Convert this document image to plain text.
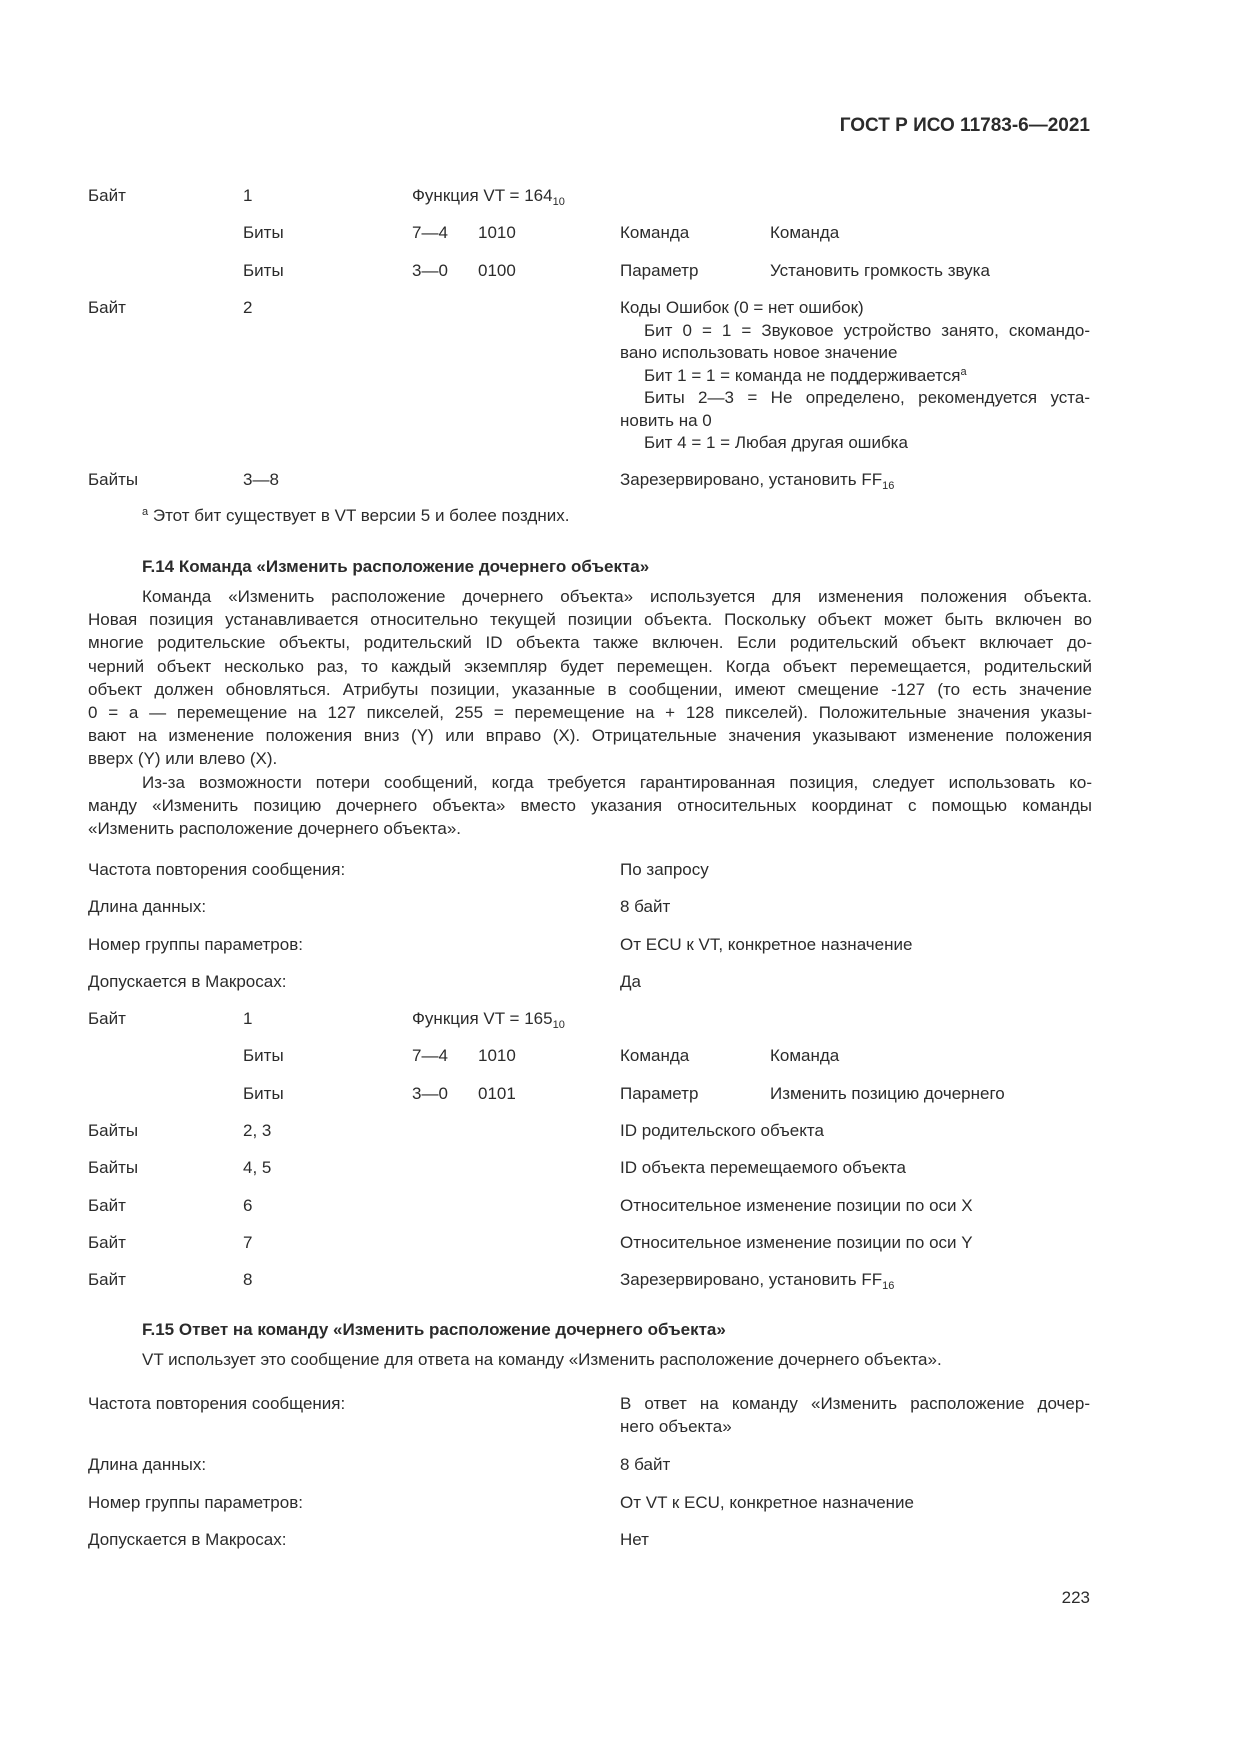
ГОСТ Р ИСО 11783-6—2021
Байт	1	Функция VT = $164_{10}$
Биты	7—4 1010	Команда	Команда
Биты	3—0 0100	Параметр	Установить громкость звука
Байт	2	Коды Ошибок (0 = нет ошибок)
Бит 0 = 1 = Звуковое устройство занято, скомандо-
вано использовать новое значение
Бит 1 = 1 = команда не поддерживается$^a$
Биты 2—3 = Не определено, рекомендуется уста-
новить на 0
Бит 4 = 1 = Любая другая ошибка
Байты	3—8	Зарезервировано, установить $FF_{16}$
$^a$ Этот бит существует в VT версии 5 и более поздних.
F.14 Команда «Изменить расположение дочернего объекта»
Команда «Изменить расположение дочернего объекта» используется для изменения положения объекта.
Новая позиция устанавливается относительно текущей позиции объекта. Поскольку объект может быть включен во
многие родительские объекты, родительский ID объекта также включен. Если родительский объект включает до-
черний объект несколько раз, то каждый экземпляр будет перемещен. Когда объект перемещается, родительский
объект должен обновляться. Атрибуты позиции, указанные в сообщении, имеют смещение -127 (то есть значение
0 = а — перемещение на 127 пикселей, 255 = перемещение на + 128 пикселей). Положительные значения указы-
вают на изменение положения вниз (Y) или вправо (X). Отрицательные значения указывают изменение положения
вверх (Y) или влево (X).
Из-за возможности потери сообщений, когда требуется гарантированная позиция, следует использовать ко-
манду «Изменить позицию дочернего объекта» вместо указания относительных координат с помощью команды
«Изменить расположение дочернего объекта».
Частота повторения сообщения:	По запросу
Длина данных:	8 байт
Номер группы параметров:	От ECU к VT, конкретное назначение
Допускается в Макросах:	Да
Байт	1	Функция VT = $165_{10}$
Биты	7—4 1010	Команда	Команда
Биты	3—0 0101	Параметр	Изменить позицию дочернего
Байты	2, 3	ID родительского объекта
Байты	4, 5	ID объекта перемещаемого объекта
Байт	6	Относительное изменение позиции по оси X
Байт	7	Относительное изменение позиции по оси Y
Байт	8	Зарезервировано, установить $FF_{16}$
F.15 Ответ на команду «Изменить расположение дочернего объекта»
VT использует это сообщение для ответа на команду «Изменить расположение дочернего объекта».
Частота повторения сообщения:	В ответ на команду «Изменить расположение дочер-
него объекта»
Длина данных:	8 байт
Номер группы параметров:	От VT к ECU, конкретное назначение
Допускается в Макросах:	Нет
223
